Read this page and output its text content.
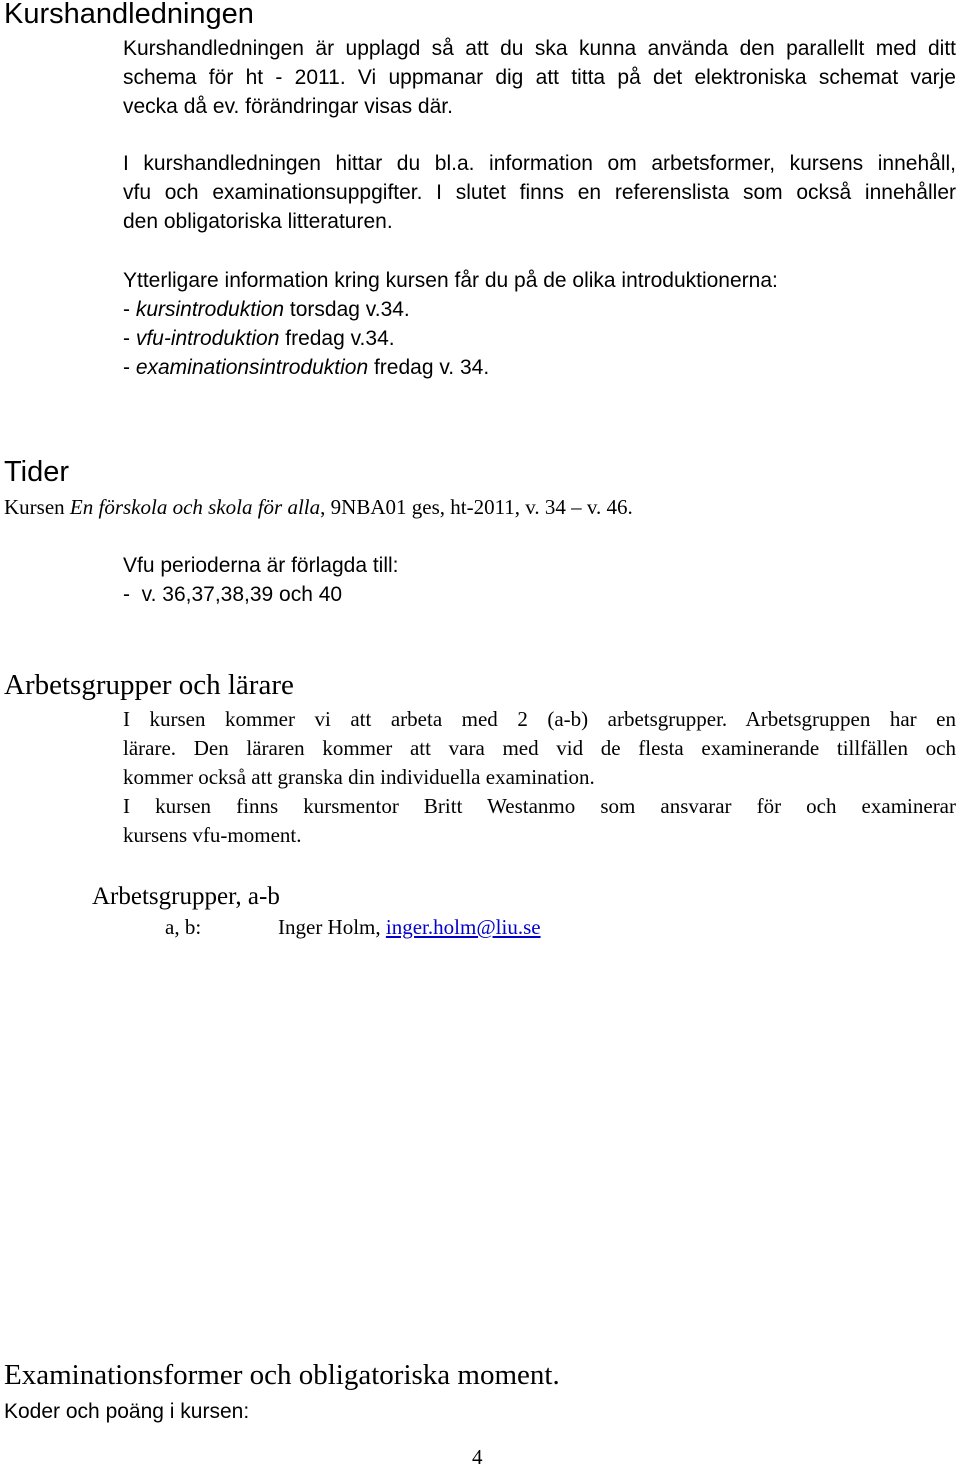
Kurshandledningen
Kurshandledningen är upplagd så att du ska kunna använda den parallellt med ditt
schema för ht - 2011. Vi uppmanar dig att titta på det elektroniska schemat varje
vecka då ev. förändringar visas där.
I kurshandledningen hittar du bl.a. information om arbetsformer, kursens innehåll,
vfu och examinationsuppgifter. I slutet finns en referenslista som också innehåller
den obligatoriska litteraturen.
Ytterligare information kring kursen får du på de olika introduktionerna:
- kursintroduktion torsdag v.34.
- vfu-introduktion fredag v.34.
- examinationsintroduktion fredag v. 34.
Tider
Kursen En förskola och skola för alla, 9NBA01 ges, ht-2011, v. 34 – v. 46.
Vfu perioderna är förlagda till:
-  v. 36,37,38,39 och 40
Arbetsgrupper och lärare
I kursen kommer vi att arbeta med 2 (a-b) arbetsgrupper. Arbetsgruppen har en
lärare. Den läraren kommer att vara med vid de flesta examinerande tillfällen och
kommer också att granska din individuella examination.
I kursen finns kursmentor Britt Westanmo som ansvarar för och examinerar
kursens vfu-moment.
Arbetsgrupper, a-b
a, b:	Inger Holm, inger.holm@liu.se
Examinationsformer och obligatoriska moment.
Koder och poäng i kursen:
4
